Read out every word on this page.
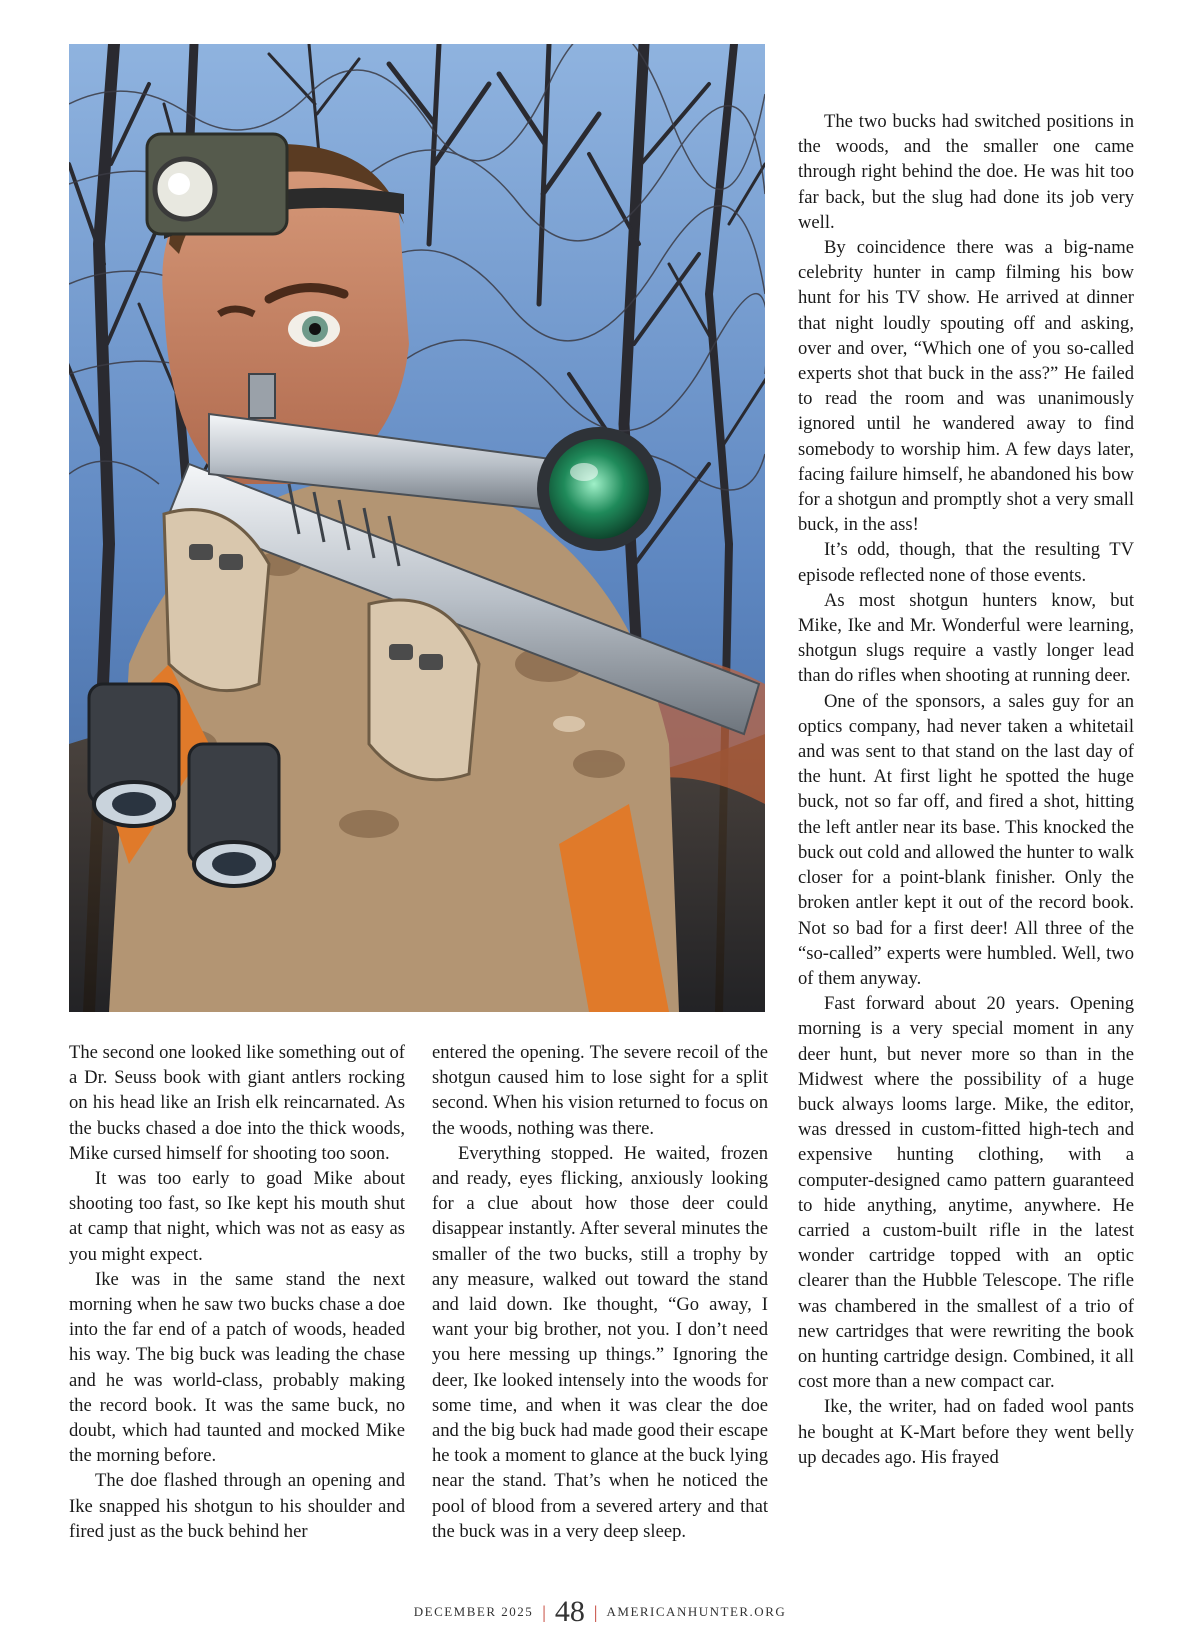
The second one looked like something out of a Dr. Seuss book with giant antlers rocking on his head like an Irish elk reincarnated. As the bucks chased a doe into the thick woods, Mike cursed himself for shooting too soon.

It was too early to goad Mike about shooting too fast, so Ike kept his mouth shut at camp that night, which was not as easy as you might expect.

Ike was in the same stand the next morning when he saw two bucks chase a doe into the far end of a patch of woods, headed his way. The big buck was leading the chase and he was world-class, probably making the record book. It was the same buck, no doubt, which had taunted and mocked Mike the morning before.

The doe flashed through an opening and Ike snapped his shotgun to his shoulder and fired just as the buck behind her

entered the opening. The severe recoil of the shotgun caused him to lose sight for a split second. When his vision returned to focus on the woods, nothing was there.

Everything stopped. He waited, frozen and ready, eyes flicking, anxiously looking for a clue about how those deer could disappear instantly. After several minutes the smaller of the two bucks, still a trophy by any measure, walked out toward the stand and laid down. Ike thought, “Go away, I want your big brother, not you. I don’t need you here messing up things.” Ignoring the deer, Ike looked intensely into the woods for some time, and when it was clear the doe and the big buck had made good their escape he took a moment to glance at the buck lying near the stand. That’s when he noticed the pool of blood from a severed artery and that the buck was in a very deep sleep.

The two bucks had switched positions in the woods, and the smaller one came through right behind the doe. He was hit too far back, but the slug had done its job very well.

By coincidence there was a big-name celebrity hunter in camp filming his bow hunt for his TV show. He arrived at dinner that night loudly spouting off and asking, over and over, “Which one of you so-called experts shot that buck in the ass?” He failed to read the room and was unanimously ignored until he wandered away to find somebody to worship him. A few days later, facing failure himself, he abandoned his bow for a shotgun and promptly shot a very small buck, in the ass!

It’s odd, though, that the resulting TV episode reflected none of those events.

As most shotgun hunters know, but Mike, Ike and Mr. Wonderful were learning, shotgun slugs require a vastly longer lead than do rifles when shooting at running deer.

One of the sponsors, a sales guy for an optics company, had never taken a whitetail and was sent to that stand on the last day of the hunt. At first light he spotted the huge buck, not so far off, and fired a shot, hitting the left antler near its base. This knocked the buck out cold and allowed the hunter to walk closer for a point-blank finisher. Only the broken antler kept it out of the record book. Not so bad for a first deer! All three of the “so-called” experts were humbled. Well, two of them anyway.

Fast forward about 20 years. Opening morning is a very special moment in any deer hunt, but never more so than in the Midwest where the possibility of a huge buck always looms large. Mike, the editor, was dressed in custom-fitted high-tech and expensive hunting clothing, with a computer-designed camo pattern guaranteed to hide anything, anytime, anywhere. He carried a custom-built rifle in the latest wonder cartridge topped with an optic clearer than the Hubble Telescope. The rifle was chambered in the smallest of a trio of new cartridges that were rewriting the book on hunting cartridge design. Combined, it all cost more than a new compact car.

Ike, the writer, had on faded wool pants he bought at K-Mart before they went belly up decades ago. His frayed

DECEMBER 2025 | 48 | AMERICANHUNTER.ORG
